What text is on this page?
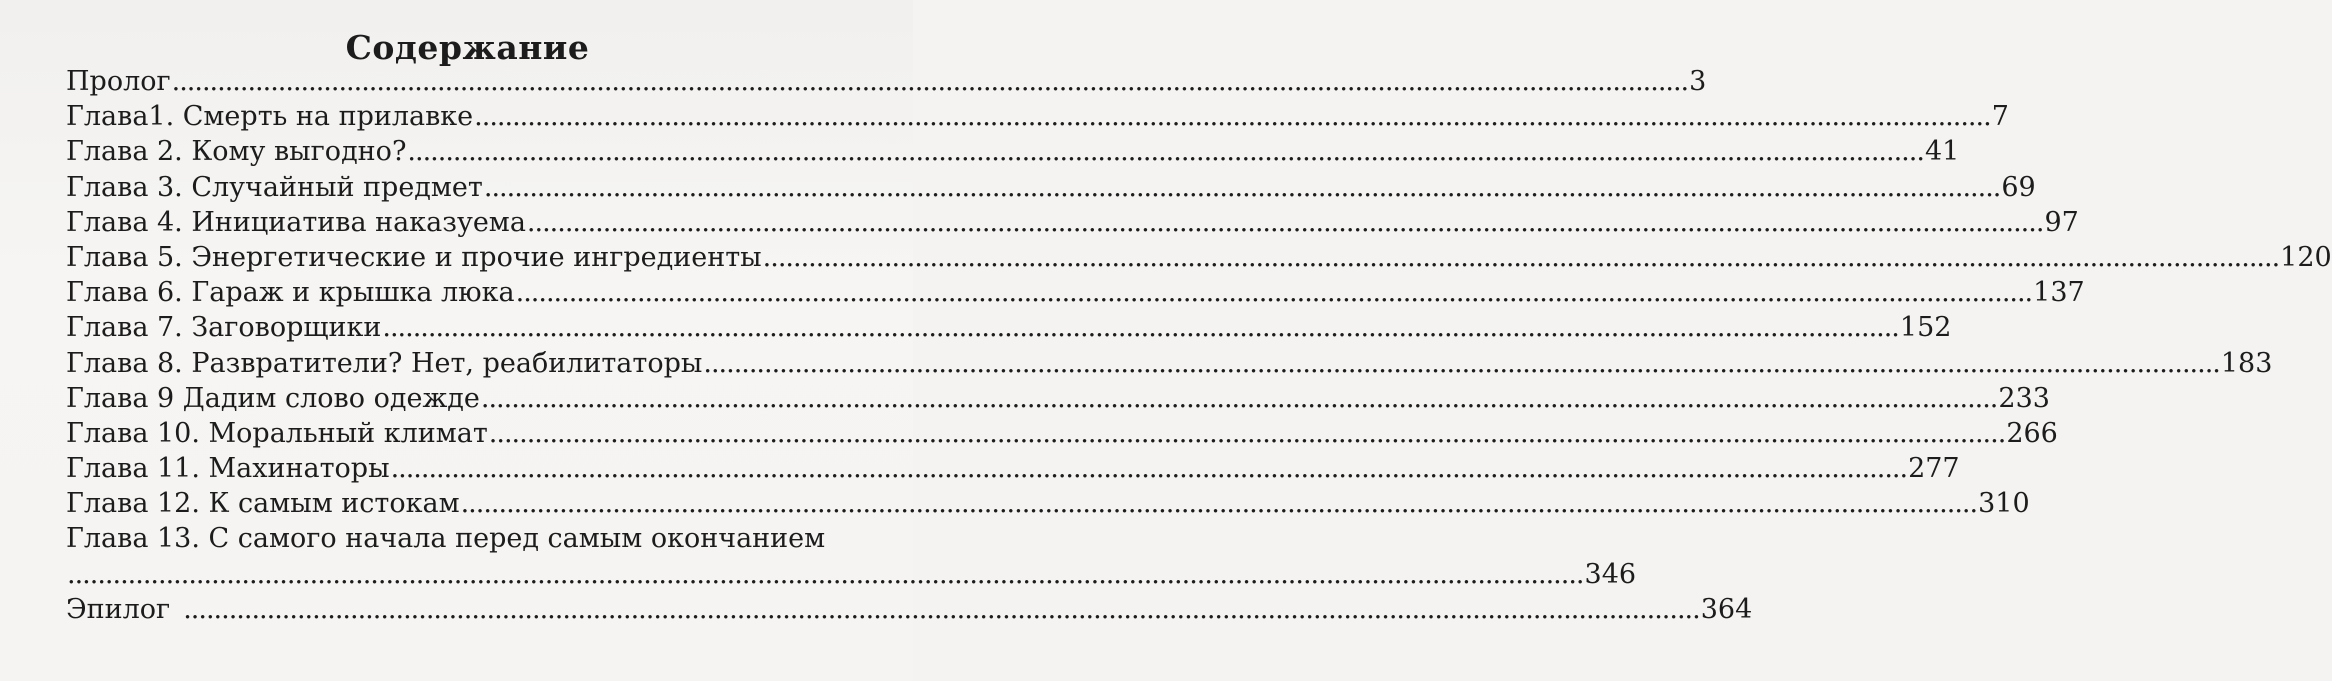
Содержание
Пролог ........................................................................................................................................................................................................ 3
Глава1. Смерть на прилавке ........................................................................................................................................................................................................ 7
Глава 2. Кому выгодно? ........................................................................................................................................................................................................ 41
Глава 3. Случайный предмет ........................................................................................................................................................................................................ 69
Глава 4. Инициатива наказуема ........................................................................................................................................................................................................ 97
Глава 5. Энергетические и прочие ингредиенты ........................................................................................................................................................................................................ 120
Глава 6. Гараж и крышка люка ........................................................................................................................................................................................................ 137
Глава 7. Заговорщики ........................................................................................................................................................................................................ 152
Глава 8. Развратители? Нет, реабилитаторы ........................................................................................................................................................................................................ 183
Глава 9 Дадим слово одежде ........................................................................................................................................................................................................ 233
Глава 10. Моральный климат ........................................................................................................................................................................................................ 266
Глава 11. Махинаторы ........................................................................................................................................................................................................ 277
Глава 12. К самым истокам ........................................................................................................................................................................................................ 310
Глава 13. С самого начала перед самым окончанием
........................................................................................................................................................................................................ 346
Эпилог ........................................................................................................................................................................................................ 364
